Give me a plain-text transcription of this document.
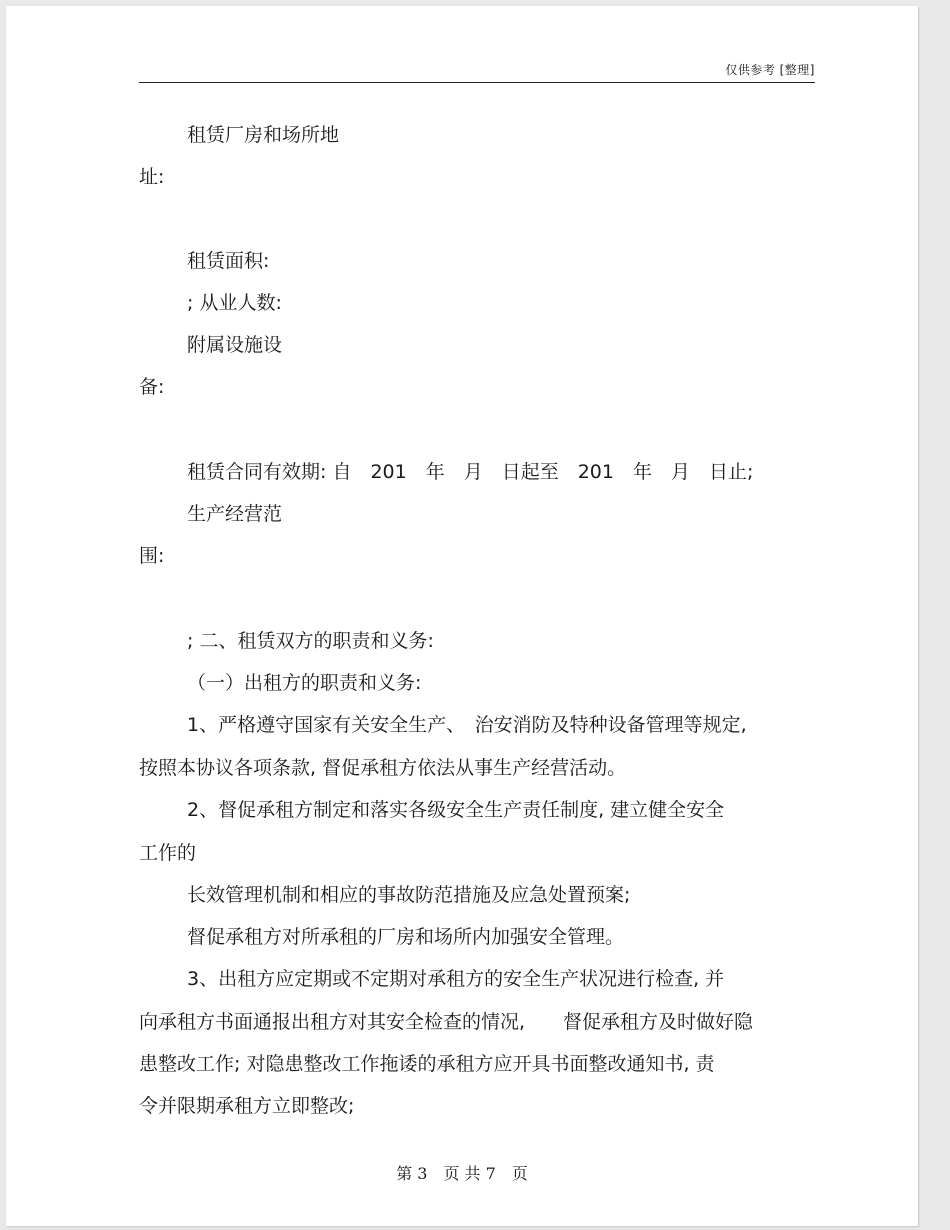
仅供参考 [整理]
租赁厂房和场所地
址:
租赁面积:
; 从业人数:
附属设施设
备:
租赁合同有效期: 自　201　年　月　日起至　201　年　月　日止;
生产经营范
围:
; 二、租赁双方的职责和义务:
（一）出租方的职责和义务:
1、严格遵守国家有关安全生产、　治安消防及特种设备管理等规定,
按照本协议各项条款, 督促承租方依法从事生产经营活动。
2、督促承租方制定和落实各级安全生产责任制度, 建立健全安全
工作的
长效管理机制和相应的事故防范措施及应急处置预案;
督促承租方对所承租的厂房和场所内加强安全管理。
3、出租方应定期或不定期对承租方的安全生产状况进行检查, 并
向承租方书面通报出租方对其安全检查的情况,　　督促承租方及时做好隐
患整改工作; 对隐患整改工作拖诿的承租方应开具书面整改通知书, 责
令并限期承租方立即整改;
第 3　页 共 7　页
